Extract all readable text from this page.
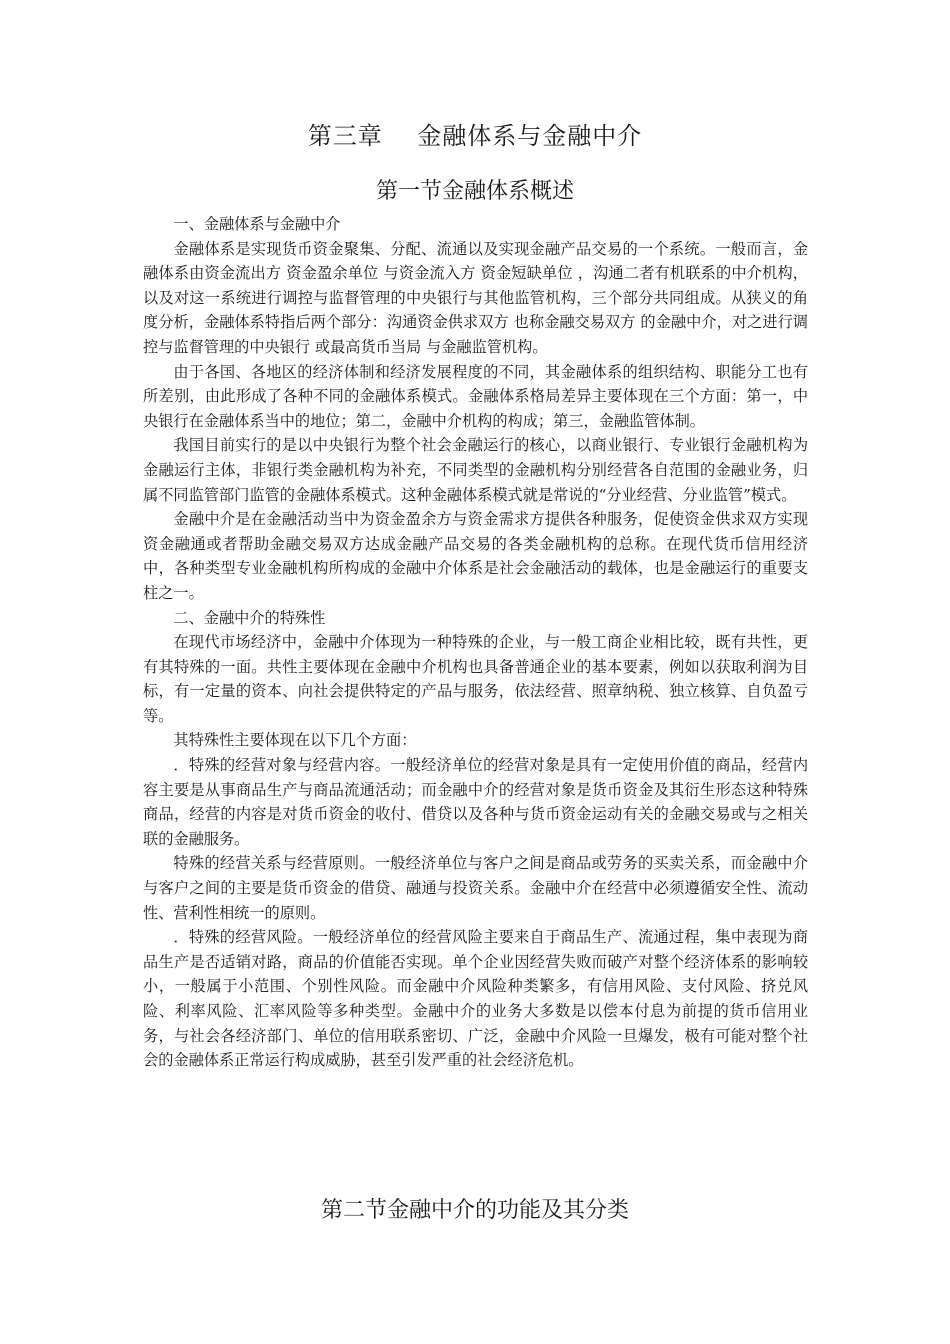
第三章    金融体系与金融中介
第一节金融体系概述

一、金融体系与金融中介

金融体系是实现货币资金聚集、分配、流通以及实现金融产品交易的一个系统。一般而言，金融体系由资金流出方 资金盈余单位 与资金流入方 资金短缺单位 ，沟通二者有机联系的中介机构，以及对这一系统进行调控与监督管理的中央银行与其他监管机构，三个部分共同组成。从狭义的角度分析，金融体系特指后两个部分：沟通资金供求双方 也称金融交易双方 的金融中介，对之进行调控与监督管理的中央银行 或最高货币当局 与金融监管机构。

由于各国、各地区的经济体制和经济发展程度的不同，其金融体系的组织结构、职能分工也有所差别，由此形成了各种不同的金融体系模式。金融体系格局差异主要体现在三个方面：第一，中央银行在金融体系当中的地位；第二，金融中介机构的构成；第三，金融监管体制。

我国目前实行的是以中央银行为整个社会金融运行的核心，以商业银行、专业银行金融机构为金融运行主体，非银行类金融机构为补充，不同类型的金融机构分别经营各自范围的金融业务，归属不同监管部门监管的金融体系模式。这种金融体系模式就是常说的“分业经营、分业监管”模式。

金融中介是在金融活动当中为资金盈余方与资金需求方提供各种服务，促使资金供求双方实现资金融通或者帮助金融交易双方达成金融产品交易的各类金融机构的总称。在现代货币信用经济中，各种类型专业金融机构所构成的金融中介体系是社会金融活动的载体，也是金融运行的重要支柱之一。

二、金融中介的特殊性

在现代市场经济中，金融中介体现为一种特殊的企业，与一般工商企业相比较，既有共性，更有其特殊的一面。共性主要体现在金融中介机构也具备普通企业的基本要素，例如以获取利润为目标，有一定量的资本、向社会提供特定的产品与服务，依法经营、照章纳税、独立核算、自负盈亏等。

其特殊性主要体现在以下几个方面：

．特殊的经营对象与经营内容。一般经济单位的经营对象是具有一定使用价值的商品，经营内容主要是从事商品生产与商品流通活动；而金融中介的经营对象是货币资金及其衍生形态这种特殊商品，经营的内容是对货币资金的收付、借贷以及各种与货币资金运动有关的金融交易或与之相关联的金融服务。

特殊的经营关系与经营原则。一般经济单位与客户之间是商品或劳务的买卖关系，而金融中介与客户之间的主要是货币资金的借贷、融通与投资关系。金融中介在经营中必须遵循安全性、流动性、营利性相统一的原则。

．特殊的经营风险。一般经济单位的经营风险主要来自于商品生产、流通过程，集中表现为商品生产是否适销对路，商品的价值能否实现。单个企业因经营失败而破产对整个经济体系的影响较小，一般属于小范围、个别性风险。而金融中介风险种类繁多，有信用风险、支付风险、挤兑风险、利率风险、汇率风险等多种类型。金融中介的业务大多数是以偿本付息为前提的货币信用业务，与社会各经济部门、单位的信用联系密切、广泛，金融中介风险一旦爆发，极有可能对整个社会的金融体系正常运行构成威胁，甚至引发严重的社会经济危机。

第二节金融中介的功能及其分类
